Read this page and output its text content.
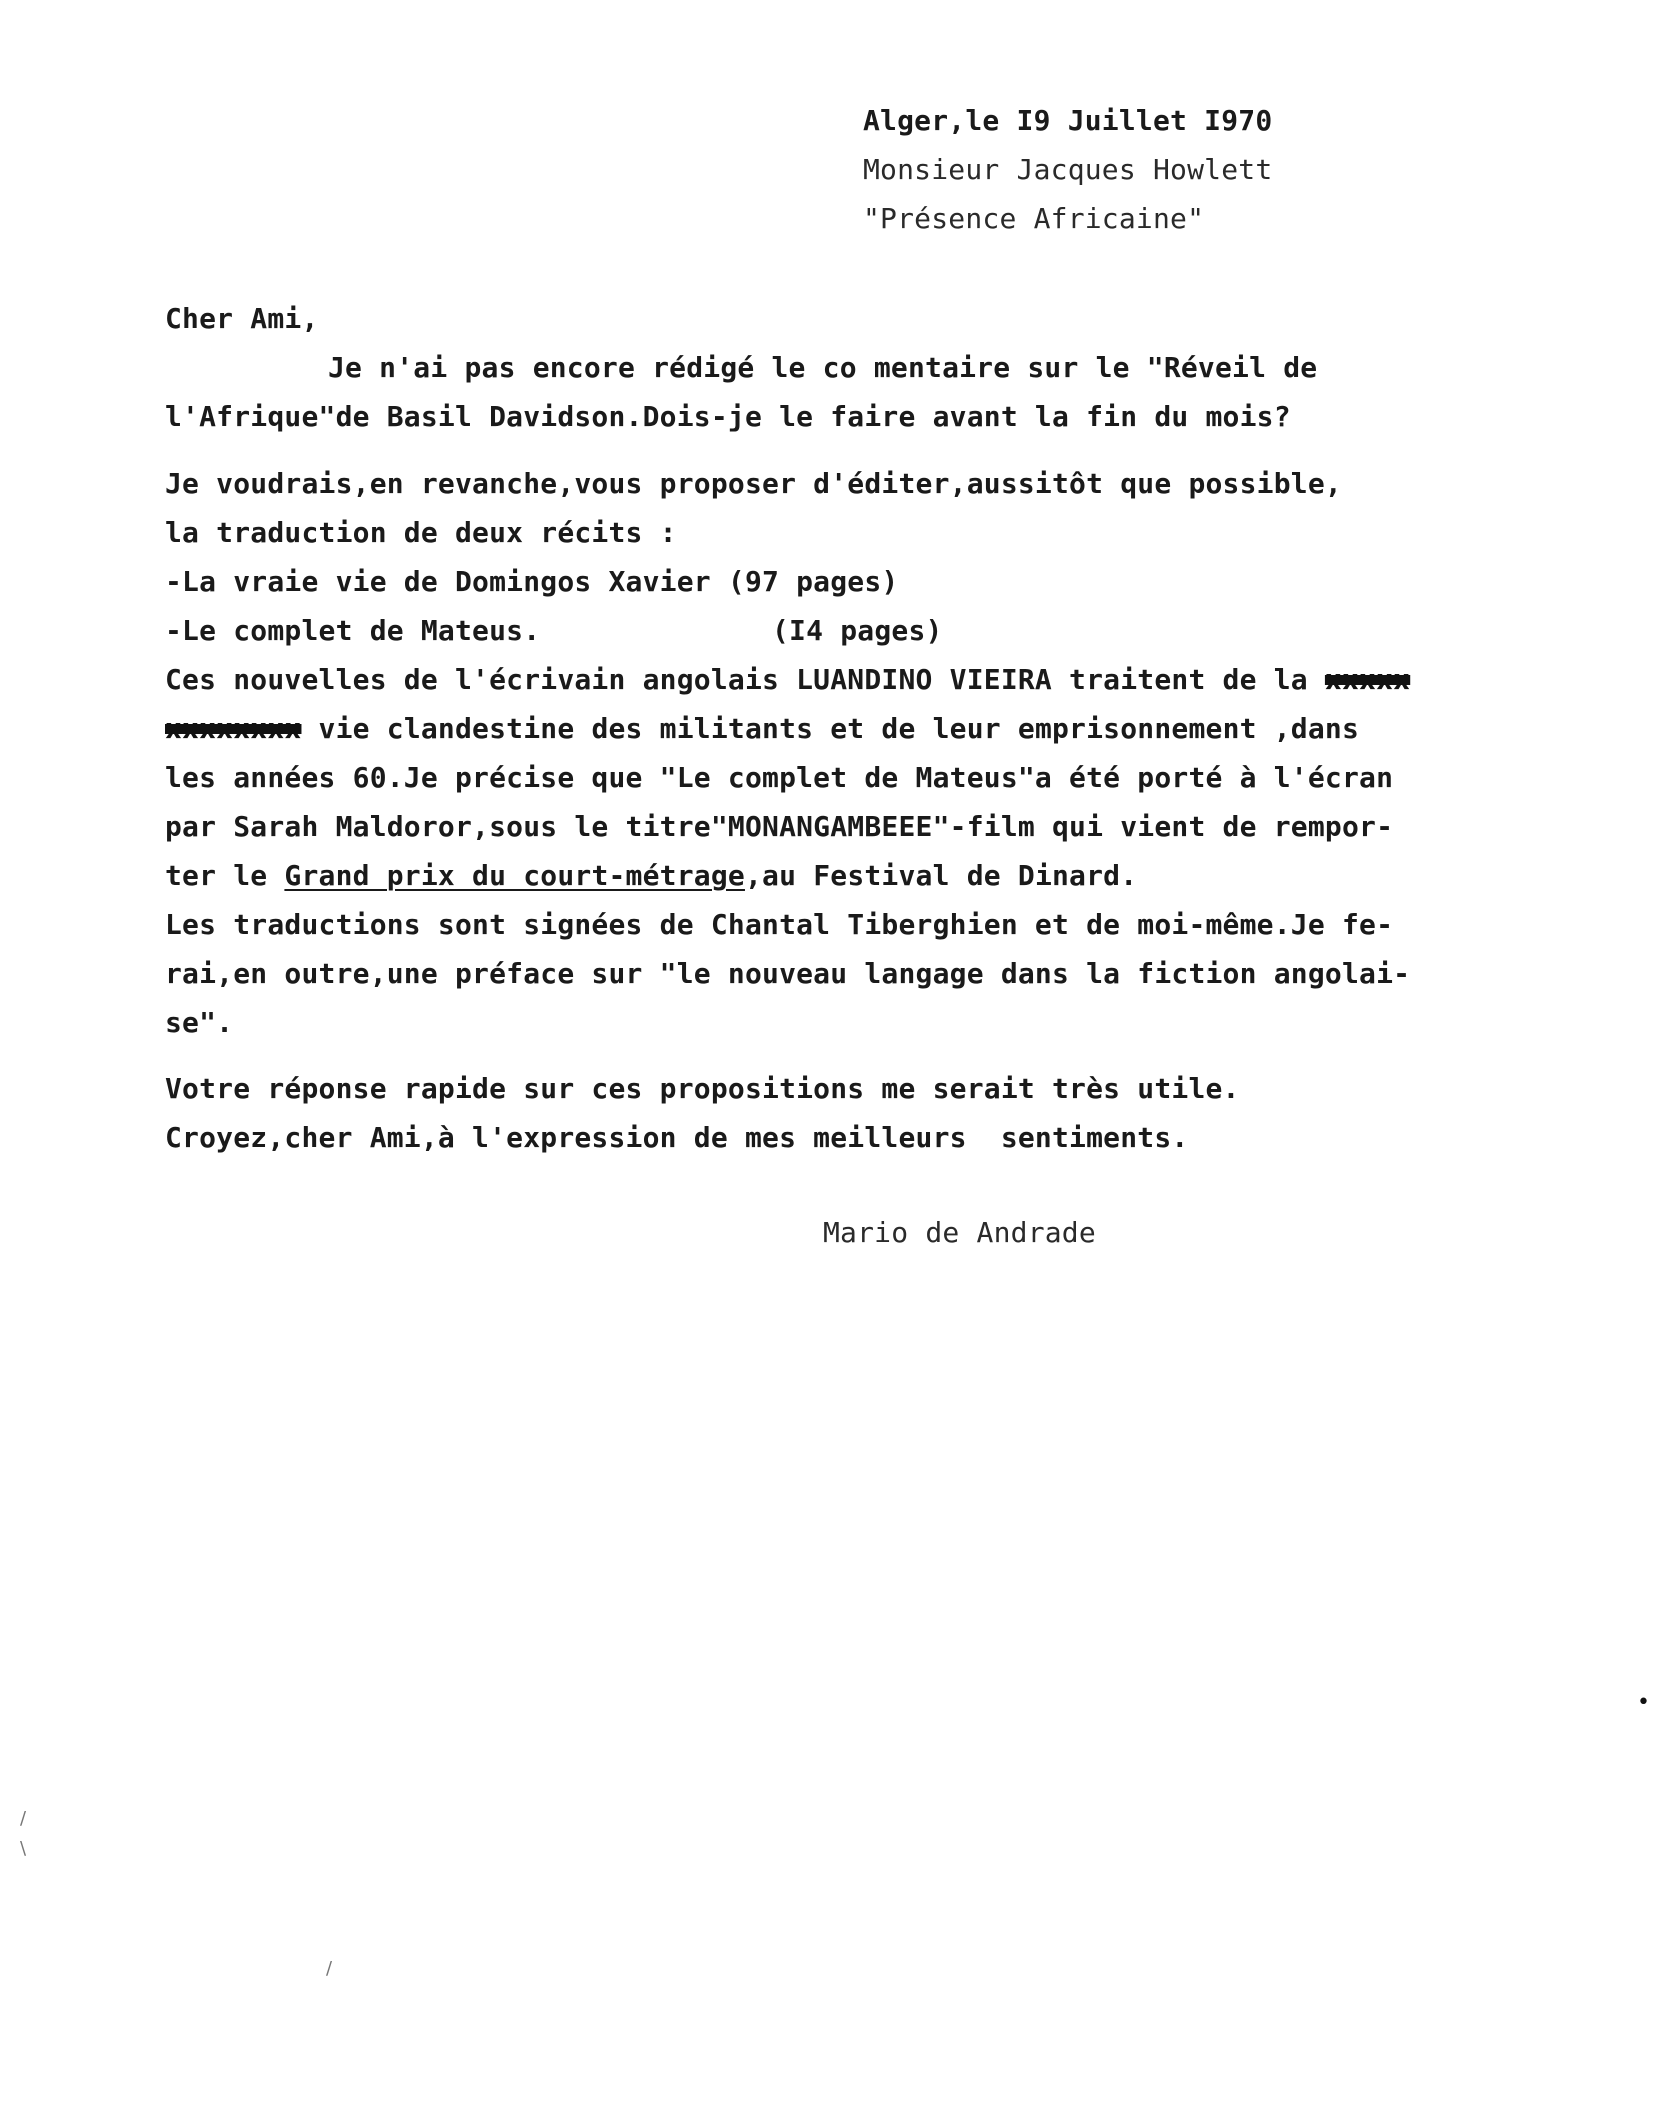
Alger,le I9 Juillet I970
Monsieur Jacques Howlett
"Présence Africaine"
Cher Ami,
Je n'ai pas encore rédigé le co mentaire sur le "Réveil de
l'Afrique"de Basil Davidson.Dois-je le faire avant la fin du mois?
Je voudrais,en revanche,vous proposer d'éditer,aussitôt que possible,
la traduction de deux récits :
-La vraie vie de Domingos Xavier (97 pages)
-Le complet de Mateus.	(I4 pages)
Ces nouvelles de l'écrivain angolais LUANDINO VIEIRA traitent de la xxxxx
xxxxxxxx vie clandestine des militants et de leur emprisonnement ,dans
les années 60.Je précise que "Le complet de Mateus"a été porté à l'écran
par Sarah Maldoror,sous le titre"MONANGAMBEEE"-film qui vient de rempor-
ter le Grand prix du court-métrage,au Festival de Dinard.
Les traductions sont signées de Chantal Tiberghien et de moi-même.Je fe-
rai,en outre,une préface sur "le nouveau langage dans la fiction angolai-
se".
Votre réponse rapide sur ces propositions me serait très utile.
Croyez,cher Ami,à l'expression de mes meilleurs  sentiments.
Mario de Andrade
•
/
\
/
